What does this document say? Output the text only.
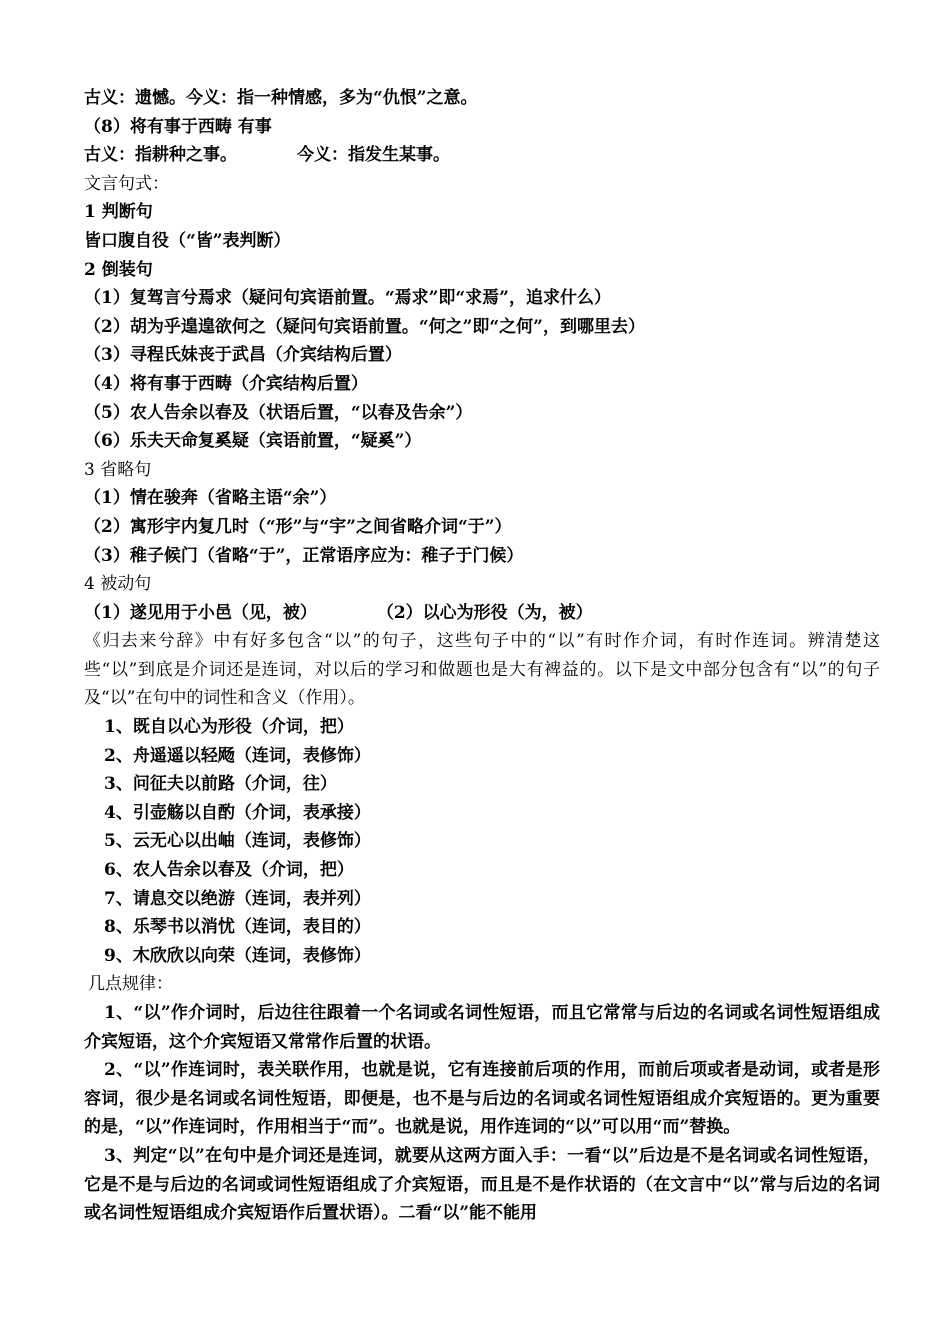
古义：遗憾。今义：指一种情感，多为“仇恨”之意。
（8）将有事于西畴 有事
古义：指耕种之事。	今义：指发生某事。
文言句式：
1 判断句
皆口腹自役（“皆”表判断）
2 倒装句
（1）复驾言兮焉求（疑问句宾语前置。“焉求”即“求焉”，追求什么）
（2）胡为乎遑遑欲何之（疑问句宾语前置。“何之”即“之何”，到哪里去）
（3）寻程氏妹丧于武昌（介宾结构后置）
（4）将有事于西畴（介宾结构后置）
（5）农人告余以春及（状语后置，“以春及告余”）
（6）乐夫天命复奚疑（宾语前置，“疑奚”）
3 省略句
（1）情在骏奔（省略主语“余”）
（2）寓形宇内复几时（“形”与“宇”之间省略介词“于”）
（3）稚子候门（省略“于”，正常语序应为：稚子于门候）
4 被动句
（1）遂见用于小邑（见，被）	（2）以心为形役（为，被）
《归去来兮辞》中有好多包含“以”的句子，这些句子中的“以”有时作介词，有时作连词。辨清楚这些“以”到底是介词还是连词，对以后的学习和做题也是大有裨益的。以下是文中部分包含有“以”的句子及“以”在句中的词性和含义（作用）。
1、既自以心为形役（介词，把）
2、舟遥遥以轻飏（连词，表修饰）
3、问征夫以前路（介词，往）
4、引壶觞以自酌（介词，表承接）
5、云无心以出岫（连词，表修饰）
6、农人告余以春及（介词，把）
7、请息交以绝游（连词，表并列）
8、乐琴书以消忧（连词，表目的）
9、木欣欣以向荣（连词，表修饰）
几点规律：
1、“以”作介词时，后边往往跟着一个名词或名词性短语，而且它常常与后边的名词或名词性短语组成介宾短语，这个介宾短语又常常作后置的状语。
2、“以”作连词时，表关联作用，也就是说，它有连接前后项的作用，而前后项或者是动词，或者是形容词，很少是名词或名词性短语，即便是，也不是与后边的名词或名词性短语组成介宾短语的。更为重要的是，“以”作连词时，作用相当于“而”。也就是说，用作连词的“以”可以用“而”替换。
3、判定“以”在句中是介词还是连词，就要从这两方面入手：一看“以”后边是不是名词或名词性短语，它是不是与后边的名词或词性短语组成了介宾短语，而且是不是作状语的（在文言中“以”常与后边的名词或名词性短语组成介宾短语作后置状语）。二看“以”能不能用
